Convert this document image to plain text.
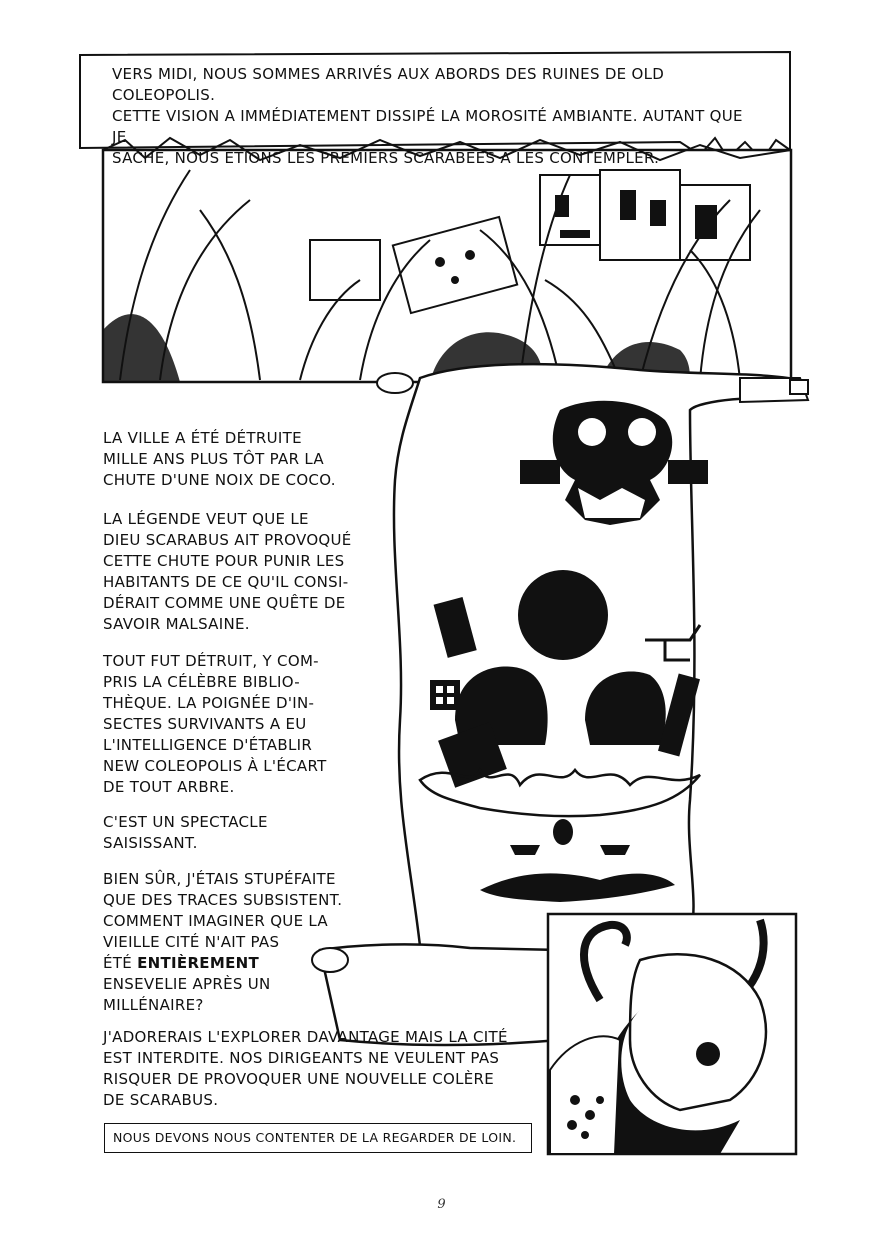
VERS MIDI, NOUS SOMMES ARRIVÉS AUX ABORDS DES RUINES DE OLD COLEOPOLIS.
CETTE VISION A IMMÉDIATEMENT DISSIPÉ LA MOROSITÉ AMBIANTE. AUTANT QUE JE
SACHE, NOUS ÉTIONS LES PREMIERS SCARABÉES À LES CONTEMPLER.
LA VILLE A ÉTÉ DÉTRUITE
MILLE ANS PLUS TÔT PAR LA
CHUTE D'UNE NOIX DE COCO.
LA LÉGENDE VEUT QUE LE
DIEU SCARABUS AIT PROVOQUÉ
CETTE CHUTE POUR PUNIR LES
HABITANTS DE CE QU'IL CONSI-
DÉRAIT COMME UNE QUÊTE DE
SAVOIR MALSAINE.
TOUT FUT DÉTRUIT, Y COM-
PRIS LA CÉLÈBRE BIBLIO-
THÈQUE. LA POIGNÉE D'IN-
SECTES SURVIVANTS A EU
L'INTELLIGENCE D'ÉTABLIR
NEW COLEOPOLIS À L'ÉCART
DE TOUT ARBRE.
C'EST UN SPECTACLE
SAISISSANT.
BIEN SÛR, J'ÉTAIS STUPÉFAITE
QUE DES TRACES SUBSISTENT.
COMMENT IMAGINER QUE LA
VIEILLE CITÉ N'AIT PAS
ÉTÉ ENTIÈREMENT
ENSEVELIE APRÈS UN
MILLÉNAIRE?
J'ADORERAIS L'EXPLORER DAVANTAGE MAIS LA CITÉ
EST INTERDITE. NOS DIRIGEANTS NE VEULENT PAS
RISQUER DE PROVOQUER UNE NOUVELLE COLÈRE
DE SCARABUS.
NOUS DEVONS NOUS CONTENTER DE LA REGARDER DE LOIN.
9
